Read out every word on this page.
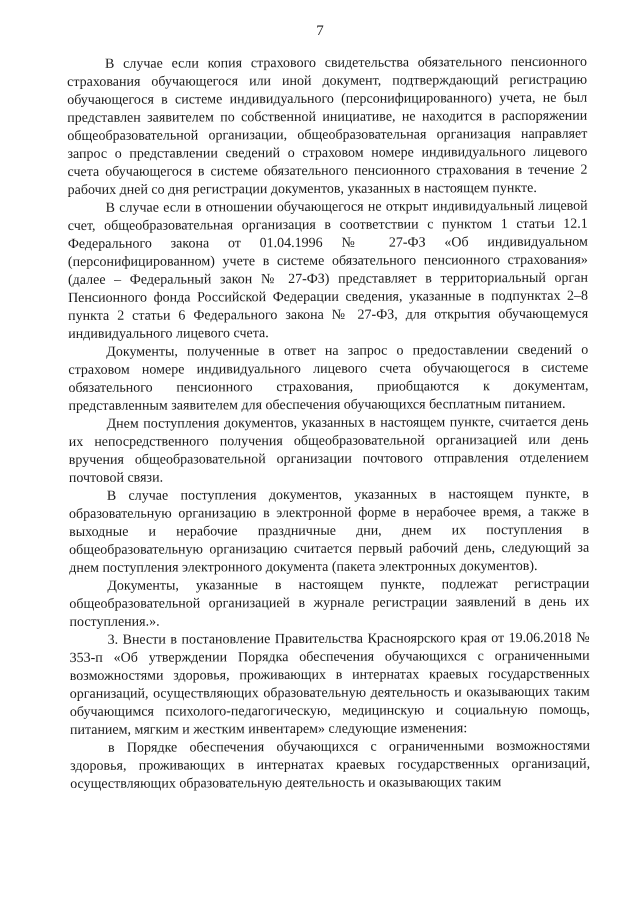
7

В случае если копия страхового свидетельства обязательного пенсионного страхования обучающегося или иной документ, подтверждающий регистрацию обучающегося в системе индивидуального (персонифицированного) учета, не был представлен заявителем по собственной инициативе, не находится в распоряжении общеобразовательной организации, общеобразовательная организация направляет запрос о представлении сведений о страховом номере индивидуального лицевого счета обучающегося в системе обязательного пенсионного страхования в течение 2 рабочих дней со дня регистрации документов, указанных в настоящем пункте.

В случае если в отношении обучающегося не открыт индивидуальный лицевой счет, общеобразовательная организация в соответствии с пунктом 1 статьи 12.1 Федерального закона от 01.04.1996 № 27-ФЗ «Об индивидуальном (персонифицированном) учете в системе обязательного пенсионного страхования» (далее – Федеральный закон № 27-ФЗ) представляет в территориальный орган Пенсионного фонда Российской Федерации сведения, указанные в подпунктах 2–8 пункта 2 статьи 6 Федерального закона № 27-ФЗ, для открытия обучающемуся индивидуального лицевого счета.

Документы, полученные в ответ на запрос о предоставлении сведений о страховом номере индивидуального лицевого счета обучающегося в системе обязательного пенсионного страхования, приобщаются к документам, представленным заявителем для обеспечения обучающихся бесплатным питанием.

Днем поступления документов, указанных в настоящем пункте, считается день их непосредственного получения общеобразовательной организацией или день вручения общеобразовательной организации почтового отправления отделением почтовой связи.

В случае поступления документов, указанных в настоящем пункте, в образовательную организацию в электронной форме в нерабочее время, а также в выходные и нерабочие праздничные дни, днем их поступления в общеобразовательную организацию считается первый рабочий день, следующий за днем поступления электронного документа (пакета электронных документов).

Документы, указанные в настоящем пункте, подлежат регистрации общеобразовательной организацией в журнале регистрации заявлений в день их поступления.».

3. Внести в постановление Правительства Красноярского края от 19.06.2018 № 353-п «Об утверждении Порядка обеспечения обучающихся с ограниченными возможностями здоровья, проживающих в интернатах краевых государственных организаций, осуществляющих образовательную деятельность и оказывающих таким обучающимся психолого-педагогическую, медицинскую и социальную помощь, питанием, мягким и жестким инвентарем» следующие изменения:

в Порядке обеспечения обучающихся с ограниченными возможностями здоровья, проживающих в интернатах краевых государственных организаций, осуществляющих образовательную деятельность и оказывающих таким
